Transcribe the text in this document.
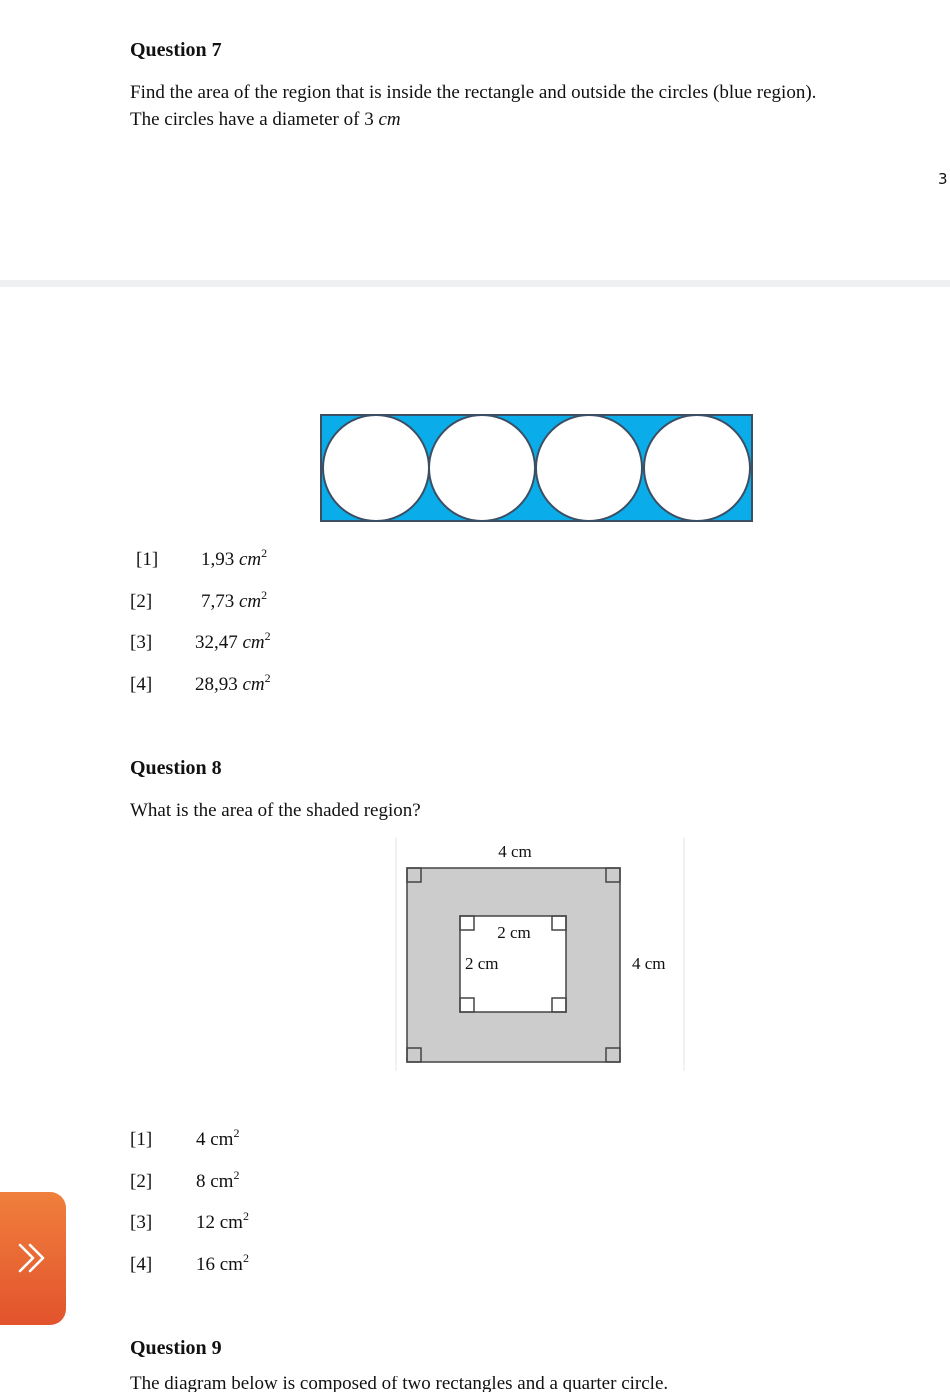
Question 7
Find the area of the region that is inside the rectangle and outside the circles (blue region).
The circles have a diameter of 3 cm
3
[1] 1,93 $cm^2$
[2]	7,73 $cm^2$
[3] 32,47 $cm^2$
[4] 28,93 $cm^2$
Question 8
What is the area of the shaded region?
4 cm
4 cm
2 cm
2 cm
[1] 4 $cm^2$
[2] 8 $cm^2$
[3] 12 $cm^2$
[4] 16 $cm^2$
Question 9
The diagram below is composed of two rectangles and a quarter circle.
